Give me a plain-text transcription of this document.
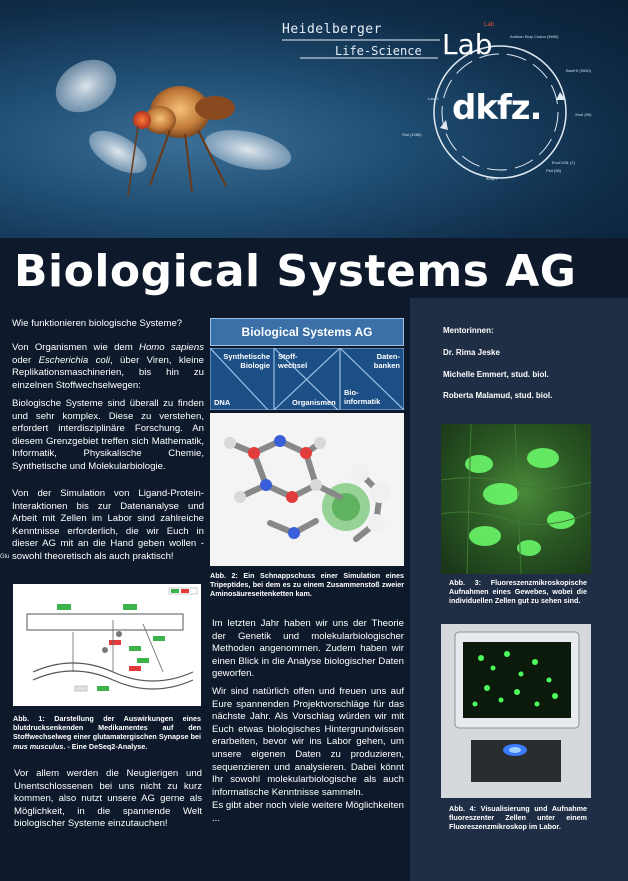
Heidelberger
Life-Science Lab
Lab
dkfz.
Ambion Stop Codon (3600)
BamHI (3930)
XhoI (90)
EcoCV81 (7)
PstI (55)
Stul (1285)
Lac O
AmpR
Biological Systems AG
Wie funktionieren biologische Systeme?
Von Organismen wie dem Homo sapiens oder Escherichia coli, über Viren, kleine Replikationsmaschinerien, bis hin zu einzelnen Stoffwechselwegen:
Biologische Systeme sind überall zu finden und sehr komplex. Diese zu verstehen, erfordert interdisziplinäre Forschung. An diesem Grenzgebiet treffen sich Mathematik, Informatik, Physikalische Chemie, Synthetische und Molekularbiologie.
Von der Simulation von Ligand-Protein-Interaktionen bis zur Datenanalyse und Arbeit mit Zellen im Labor sind zahlreiche Kenntnisse erforderlich, die wir Euch in dieser AG mit an die Hand geben wollen - sowohl theoretisch als auch praktisch!
Glu
Abb. 1: Darstellung der Auswirkungen eines blutdrucksenkenden Medikamentes auf den Stoffwechselweg einer glutamatergischen Synapse bei mus musculus. - Eine DeSeq2-Analyse.
Vor allem werden die Neugierigen und Unentschlossenen bei uns nicht zu kurz kommen, also nutzt unsere AG gerne als Möglichkeit, in die spannende Welt biologischer Systeme einzutauchen!
Biological Systems AG
Synthetische Biologie
Stoff-wechsel
Daten-banken
DNA	Organismen
Bio-informatik
Abb. 2: Ein Schnappschuss einer Simulation eines Tripeptides, bei dem es zu einem Zusammenstoß zweier Aminosäureseitenketten kam.
Im letzten Jahr haben wir uns der Theorie der Genetik und molekularbiologischer Methoden angenommen. Zudem haben wir einen Blick in die Analyse biologischer Daten geworfen.
Wir sind natürlich offen und freuen uns auf Eure spannenden Projektvorschläge für das nächste Jahr. Als Vorschlag würden wir mit Euch etwas biologisches Hintergrundwissen erarbeiten, bevor wir ins Labor gehen, um unsere eigenen Daten zu produzieren, sequenzieren und analysieren. Dabei könnt Ihr sowohl molekularbiologische als auch informatische Kenntnisse sammeln.
Es gibt aber noch viele weitere Möglichkeiten ...
Mentorinnen:
Dr. Rima Jeske
Michelle Emmert, stud. biol.
Roberta Malamud, stud. biol.
Abb. 3: Fluoreszenzmikroskopische Aufnahmen eines Gewebes, wobei die individuellen Zellen gut zu sehen sind.
Abb. 4: Visualisierung und Aufnahme fluoreszenter Zellen unter einem Fluoreszenzmikroskop im Labor.
